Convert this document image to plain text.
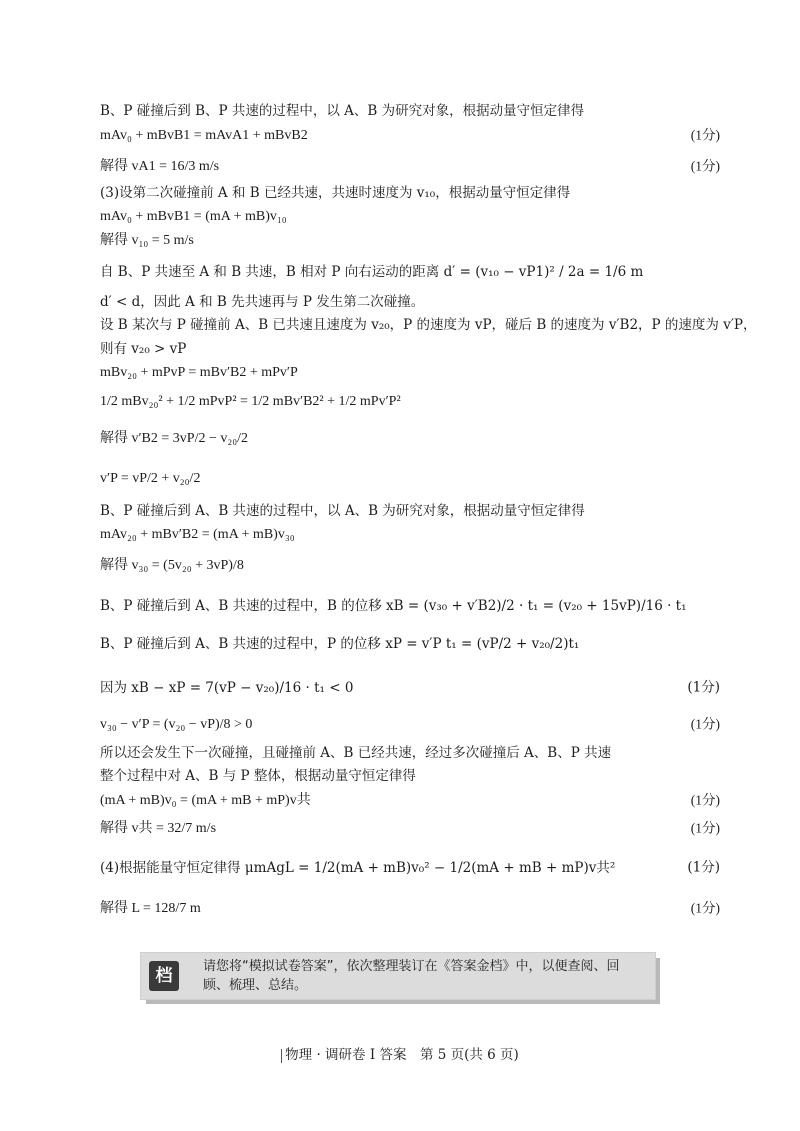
B、P 碰撞后到 B、P 共速的过程中，以 A、B 为研究对象，根据动量守恒定律得
mAv₀ + mBvB1 = mAvA1 + mBvB2	(1分)
解得 vA1 = 16/3 m/s	(1分)
(3)设第二次碰撞前 A 和 B 已经共速，共速时速度为 v₁₀，根据动量守恒定律得
mAv₀ + mBvB1 = (mA + mB)v₁₀
解得 v₁₀ = 5 m/s
自 B、P 共速至 A 和 B 共速，B 相对 P 向右运动的距离 d′ = (v₁₀ − vP1)² / 2a = 1/6 m
d′ < d，因此 A 和 B 先共速再与 P 发生第二次碰撞。
设 B 某次与 P 碰撞前 A、B 已共速且速度为 v₂₀，P 的速度为 vP，碰后 B 的速度为 v′B2，P 的速度为 v′P，
则有 v₂₀ > vP
mBv₂₀ + mPvP = mBv′B2 + mPv′P
1/2 mBv₂₀² + 1/2 mPvP² = 1/2 mBv′B2² + 1/2 mPv′P²
解得 v′B2 = 3vP/2 − v₂₀/2
v′P = vP/2 + v₂₀/2
B、P 碰撞后到 A、B 共速的过程中，以 A、B 为研究对象，根据动量守恒定律得
mAv₂₀ + mBv′B2 = (mA + mB)v₃₀
解得 v₃₀ = (5v₂₀ + 3vP)/8
B、P 碰撞后到 A、B 共速的过程中，B 的位移 xB = (v₃₀ + v′B2)/2 · t₁ = (v₂₀ + 15vP)/16 · t₁
B、P 碰撞后到 A、B 共速的过程中，P 的位移 xP = v′P t₁ = (vP/2 + v₂₀/2)t₁
因为 xB − xP = 7(vP − v₂₀)/16 · t₁ < 0	(1分)
v₃₀ − v′P = (v₂₀ − vP)/8 > 0	(1分)
所以还会发生下一次碰撞，且碰撞前 A、B 已经共速，经过多次碰撞后 A、B、P 共速
整个过程中对 A、B 与 P 整体，根据动量守恒定律得
(mA + mB)v₀ = (mA + mB + mP)v共	(1分)
解得 v共 = 32/7 m/s	(1分)
(4)根据能量守恒定律得 μmAgL = 1/2(mA + mB)v₀² − 1/2(mA + mB + mP)v共²	(1分)
解得 L = 128/7 m	(1分)
档	请您将“模拟试卷答案”，依次整理装订在《答案金档》中，以便查阅、回顾、梳理、总结。
物理 · 调研卷 Ⅰ 答案　第 5 页(共 6 页)
